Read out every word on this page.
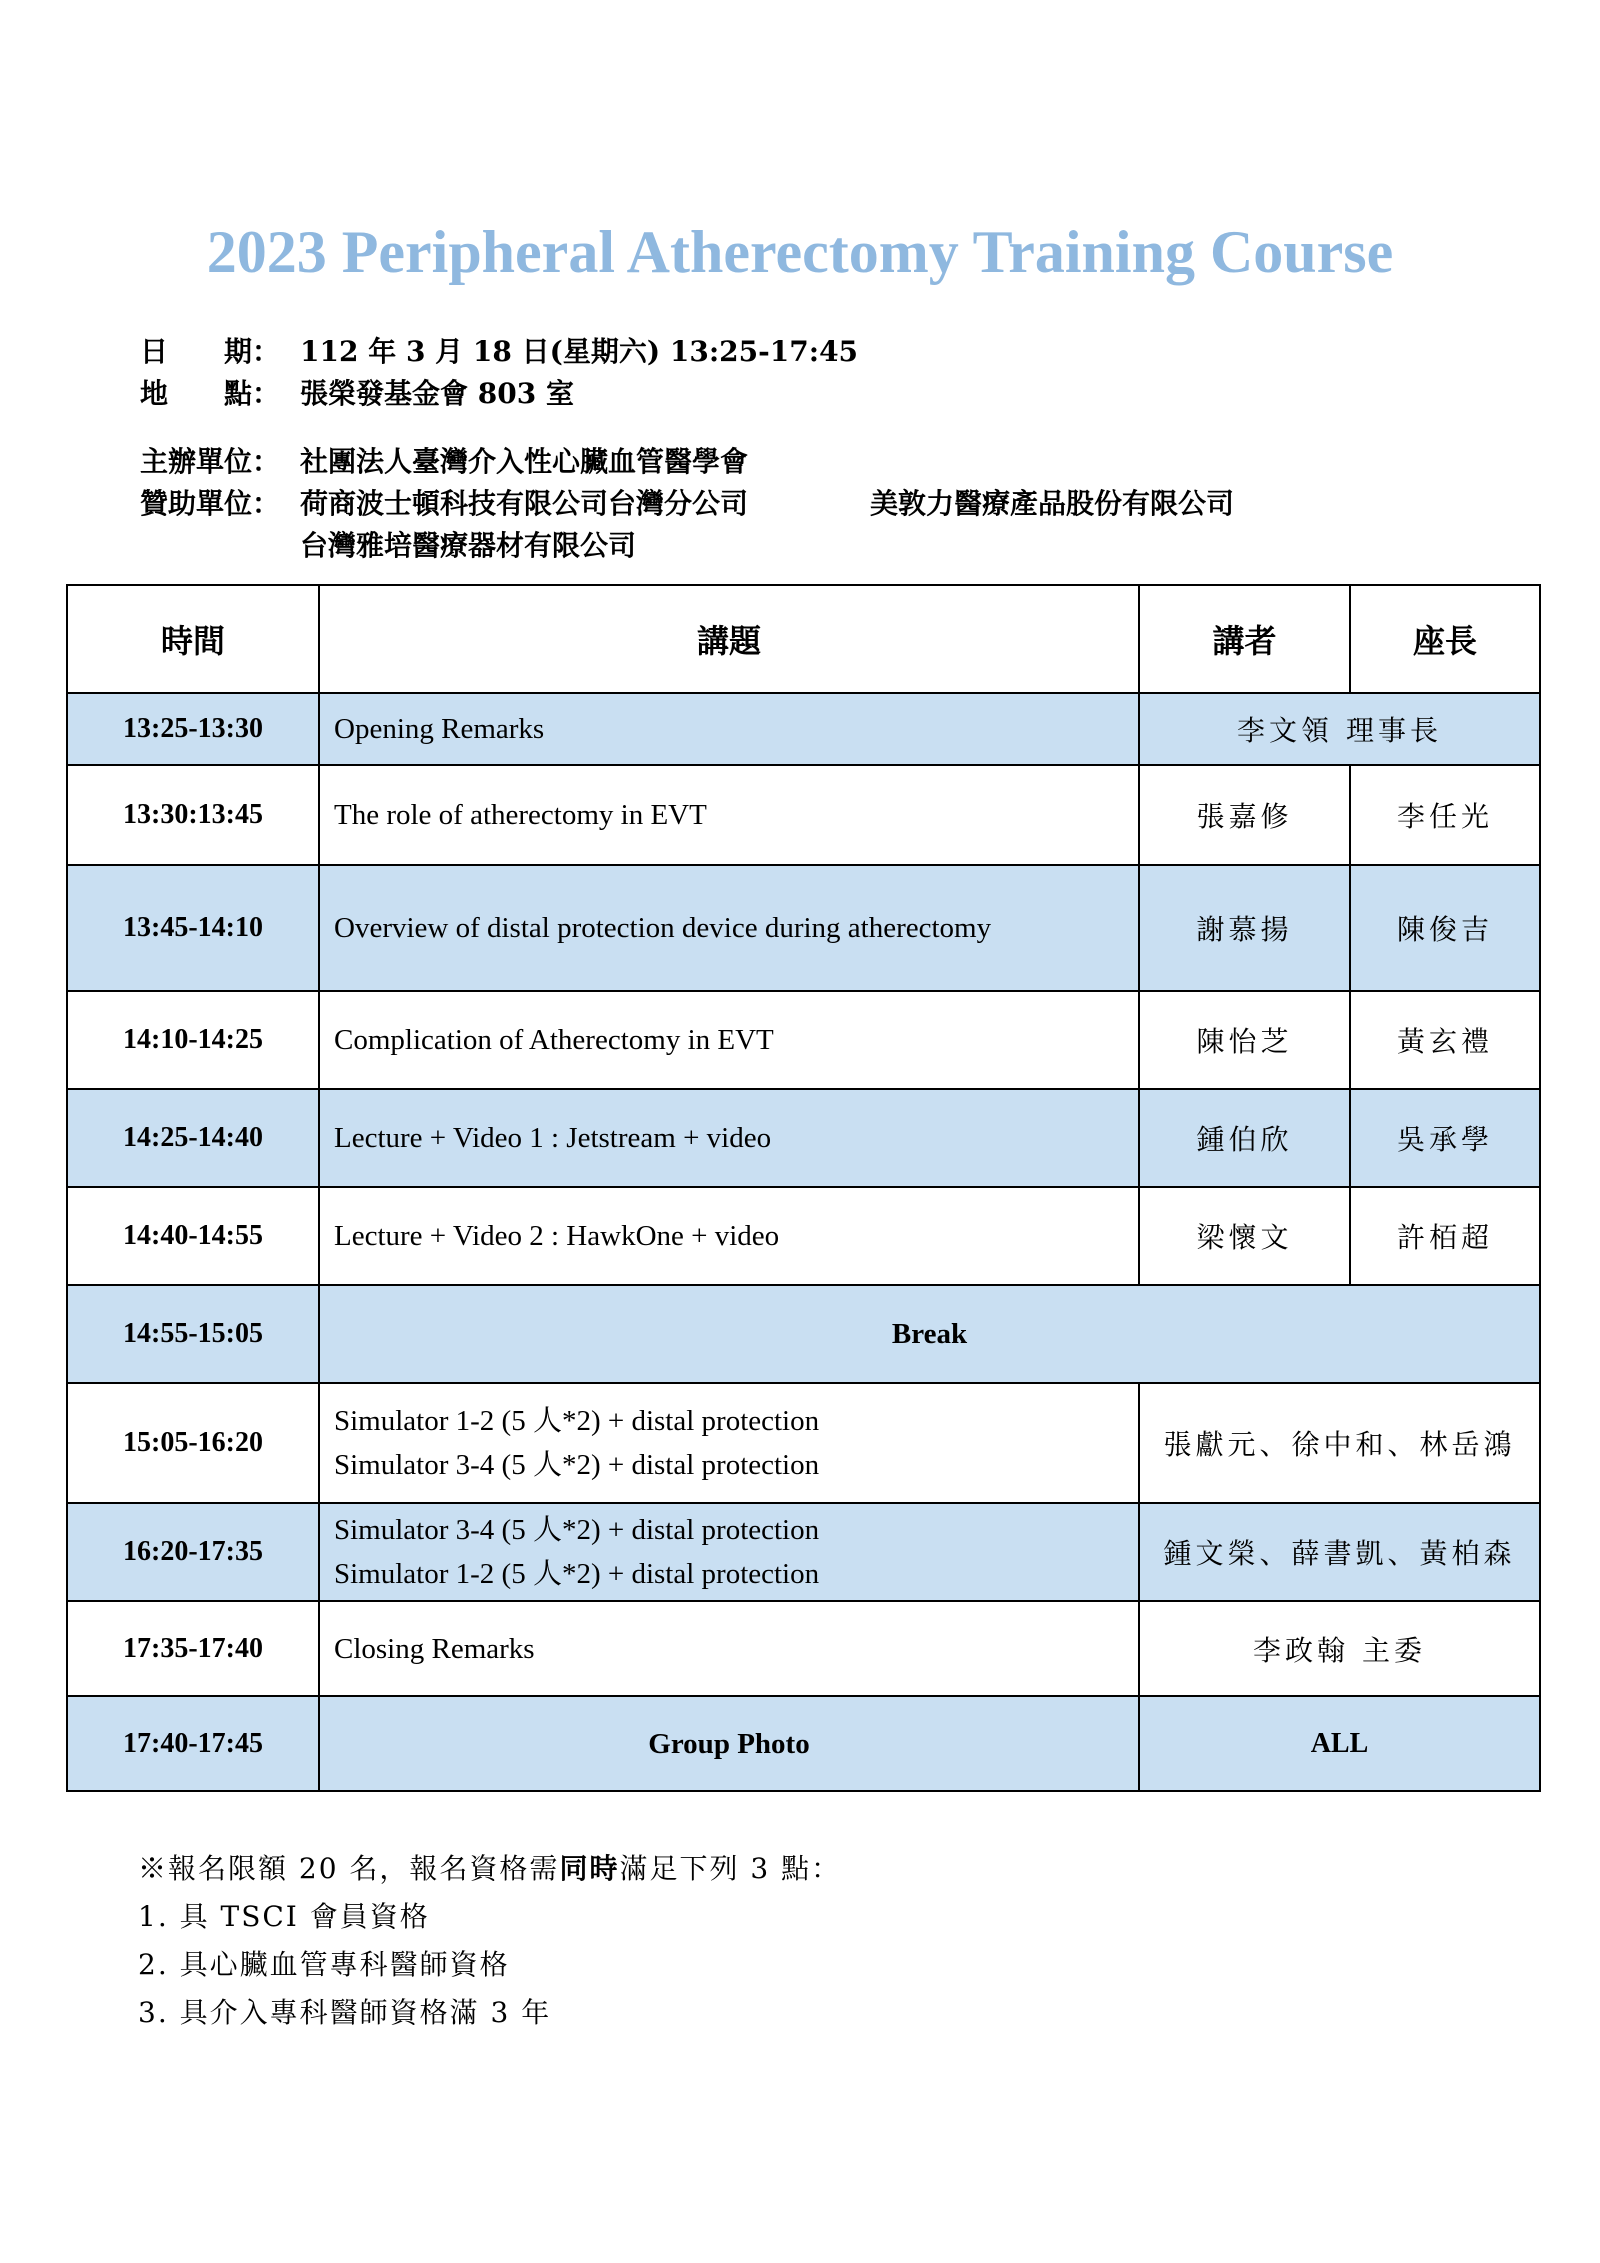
2023 Peripheral Atherectomy Training Course
日　　期： 112 年 3 月 18 日(星期六) 13:25-17:45
地　　點： 張榮發基金會 803 室
主辦單位： 社團法人臺灣介入性心臟血管醫學會
贊助單位： 荷商波士頓科技有限公司台灣分公司	美敦力醫療產品股份有限公司
台灣雅培醫療器材有限公司
時間	講題	講者	座長
13:25-13:30	Opening Remarks	李文領 理事長	
13:30:13:45	The role of atherectomy in EVT	張嘉修	李任光
13:45-14:10	Overview of distal protection device during atherectomy	謝慕揚	陳俊吉
14:10-14:25	Complication of Atherectomy in EVT	陳怡芝	黃玄禮
14:25-14:40	Lecture + Video 1 : Jetstream + video	鍾伯欣	吳承學
14:40-14:55	Lecture + Video 2 : HawkOne + video	梁懷文	許栢超
14:55-15:05	Break		
15:05-16:20	Simulator 1-2 (5 人*2) + distal protection
Simulator 3-4 (5 人*2) + distal protection	張獻元、徐中和、林岳鴻	
16:20-17:35	Simulator 3-4 (5 人*2) + distal protection
Simulator 1-2 (5 人*2) + distal protection	鍾文榮、薛書凱、黃柏森	
17:35-17:40	Closing Remarks	李政翰 主委	
17:40-17:45	Group Photo	ALL	
※報名限額 20 名，報名資格需同時滿足下列 3 點：
1. 具 TSCI 會員資格
2. 具心臟血管專科醫師資格
3. 具介入專科醫師資格滿 3 年
